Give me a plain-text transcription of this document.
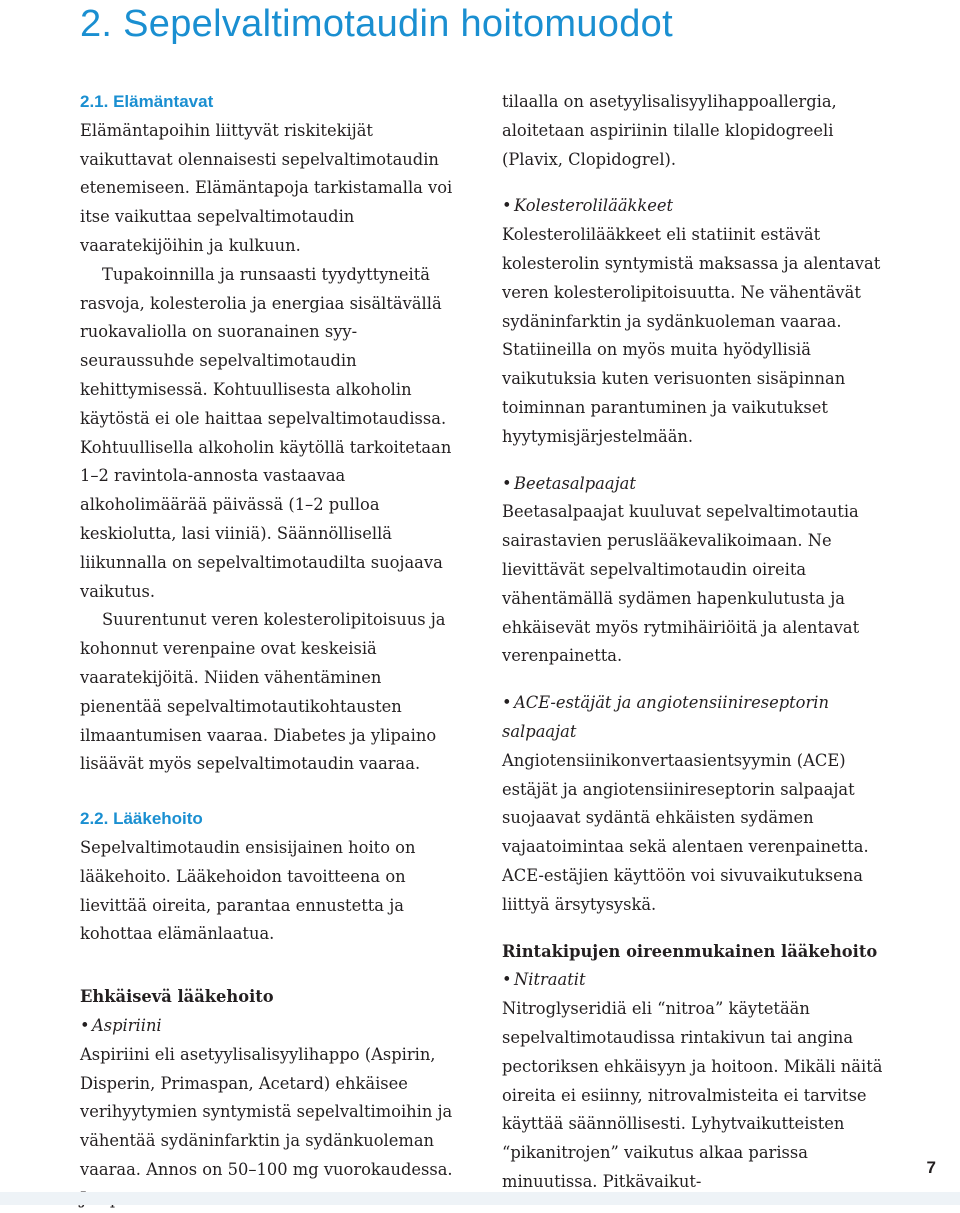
2. Sepelvaltimotaudin hoitomuodot
2.1. Elämäntavat

Elämäntapoihin liittyvät riskitekijät vaikuttavat olennaisesti sepelvaltimotaudin etenemiseen. Elämäntapoja tarkistamalla voi itse vaikuttaa sepelvaltimotaudin vaaratekijöihin ja kulkuun.

Tupakoinnilla ja runsaasti tyydyttyneitä rasvoja, kolesterolia ja energiaa sisältävällä ruokavaliolla on suoranainen syy-seuraussuhde sepelvaltimotaudin kehittymisessä. Kohtuullisesta alkoholin käytöstä ei ole haittaa sepelvaltimotaudissa. Kohtuullisella alkoholin käytöllä tarkoitetaan 1–2 ravintola-annosta vastaavaa alkoholimäärää päivässä (1–2 pulloa keskiolutta, lasi viiniä). Säännöllisellä liikunnalla on sepelvaltimotaudilta suojaava vaikutus.

Suurentunut veren kolesterolipitoisuus ja kohonnut verenpaine ovat keskeisiä vaaratekijöitä. Niiden vähentäminen pienentää sepelvaltimotautikohtausten ilmaantumisen vaaraa. Diabetes ja ylipaino lisäävät myös sepelvaltimotaudin vaaraa.

2.2. Lääkehoito

Sepelvaltimotaudin ensisijainen hoito on lääkehoito. Lääkehoidon tavoitteena on lievittää oireita, parantaa ennustetta ja kohottaa elämänlaatua.

Ehkäisevä lääkehoito

• Aspiriini

Aspiriini eli asetyylisalisyylihappo (Aspirin, Disperin, Primaspan, Acetard) ehkäisee verihyytymien syntymistä sepelvaltimoihin ja vähentää sydäninfarktin ja sydänkuoleman vaaraa. Annos on 50–100 mg vuorokaudessa.

tilaalla on asetyylisalisyylihappoallergia, aloitetaan aspiriinin tilalle klopidogreeli (Plavix, Clopidogrel).

• Kolesterolilääkkeet

Kolesterolilääkkeet eli statiinit estävät kolesterolin syntymistä maksassa ja alentavat veren kolesterolipitoisuutta. Ne vähentävät sydäninfarktin ja sydänkuoleman vaaraa. Statiineilla on myös muita hyödyllisiä vaikutuksia kuten verisuonten sisäpinnan toiminnan parantuminen ja vaikutukset hyytymisjärjestelmään.

• Beetasalpaajat

Beetasalpaajat kuuluvat sepelvaltimotautia sairastavien peruslääkevalikoimaan. Ne lievittävät sepelvaltimotaudin oireita vähentämällä sydämen hapenkulutusta ja ehkäisevät myös rytmihäiriöitä ja alentavat verenpainetta.

• ACE-estäjät ja angiotensiinireseptorin salpaajat

Angiotensiinikonvertaasientsyymin (ACE) estäjät ja angiotensiinireseptorin salpaajat suojaavat sydäntä ehkäisten sydämen vajaatoimintaa sekä alentaen verenpainetta. ACE-estäjien käyttöön voi sivuvaikutuksena liittyä ärsytysyskä.

Rintakipujen oireenmukainen lääkehoito

• Nitraatit

Nitroglyseridiä eli “nitroa” käytetään sepelvaltimotaudissa rintakivun tai angina pectoriksen ehkäisyyn ja hoitoon. Mikäli näitä oireita ei esiinny, nitrovalmisteita ei tarvitse käyttää säännöllisesti. Lyhytvaikutteisten “pikanitrojen” vaikutus alkaa parissa minuutissa. Pitkävaikut-

7
